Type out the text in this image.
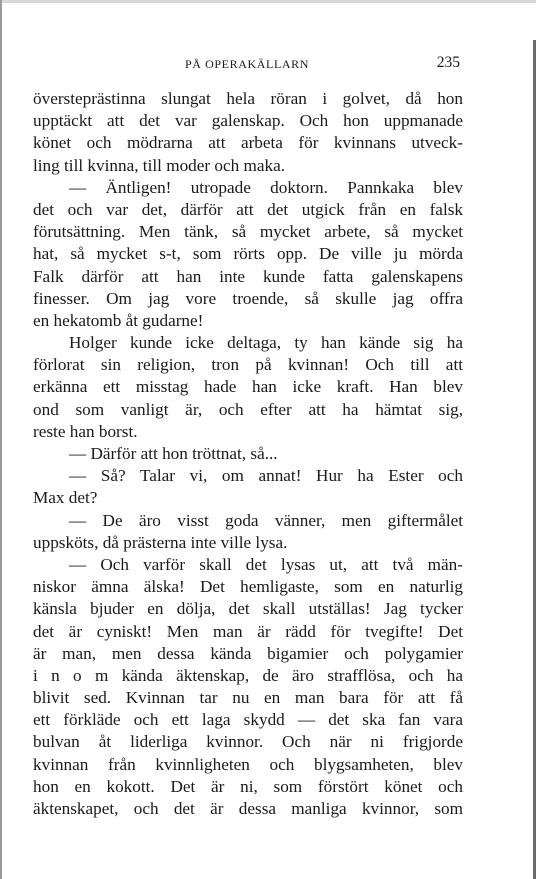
PÅ OPERAKÄLLARN	235
översteprästinna slungat hela röran i golvet, då hon
upptäckt att det var galenskap. Och hon uppmanade
könet och mödrarna att arbeta för kvinnans utveck-
ling till kvinna, till moder och maka.
— Äntligen! utropade doktorn. Pannkaka blev
det och var det, därför att det utgick från en falsk
förutsättning. Men tänk, så mycket arbete, så mycket
hat, så mycket s-t, som rörts opp. De ville ju mörda
Falk därför att han inte kunde fatta galenskapens
finesser. Om jag vore troende, så skulle jag offra
en hekatomb åt gudarne!
Holger kunde icke deltaga, ty han kände sig ha
förlorat sin religion, tron på kvinnan! Och till att
erkänna ett misstag hade han icke kraft. Han blev
ond som vanligt är, och efter att ha hämtat sig,
reste han borst.
— Därför att hon tröttnat, så...
— Så? Talar vi, om annat! Hur ha Ester och
Max det?
— De äro visst goda vänner, men giftermålet
uppsköts, då prästerna inte ville lysa.
— Och varför skall det lysas ut, att två män-
niskor ämna älska! Det hemligaste, som en naturlig
känsla bjuder en dölja, det skall utställas! Jag tycker
det är cyniskt! Men man är rädd för tvegifte! Det
är man, men dessa kända bigamier och polygamier
i n o m kända äktenskap, de äro strafflösa, och ha
blivit sed. Kvinnan tar nu en man bara för att få
ett förkläde och ett laga skydd — det ska fan vara
bulvan åt liderliga kvinnor. Och när ni frigjorde
kvinnan från kvinnligheten och blygsamheten, blev
hon en kokott. Det är ni, som förstört könet och
äktenskapet, och det är dessa manliga kvinnor, som
